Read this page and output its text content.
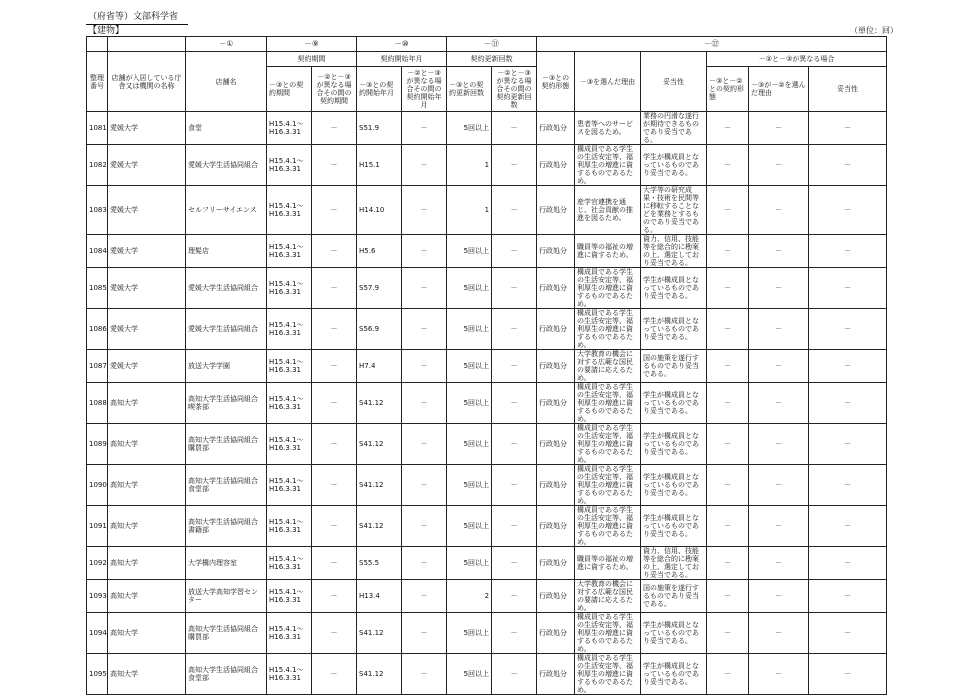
（府省等）文部科学省
【建物】	（単位：回）
		－①	－⑨		－⑩		－⑪		－⑫					
整理番号	店舗が入居している庁舎又は機関の名称	店舗名	契約期間		契約開始年月		契約更新回数		－③との契約形態	－③を選んだ理由	妥当性	－②と－③が異なる場合		
			－③との契約期間	－②と－③が異なる場合その間の契約期間	－③との契約開始年月	－②と－③が異なる場合その間の契約開始年月	－③との契約更新回数	－②と－③が異なる場合その間の契約更新回数				－③と－②との契約形態	－③が－②を選んだ理由	妥当性
1081	愛媛大学	食堂	H15.4.1～
H16.3.31	－	S51.9	－	5回以上	－	行政処分	患者等へのサービスを図るため。	業務の円滑な遂行が期待できるものであり妥当である。	－	－	－
1082	愛媛大学	愛媛大学生活協同組合	H15.4.1～
H16.3.31	－	H15.1	－	1	－	行政処分	構成員である学生の生活安定等、福利厚生の増進に資するものであるため。	学生が構成員となっているものであり妥当である。	－	－	－
1083	愛媛大学	セルフリーサイエンス	H15.4.1～
H16.3.31	－	H14.10	－	1	－	行政処分	産学官連携を通じ、社会貢献の推進を図るため。	大学等の研究成果・技術を民間等に移転することなどを業務とするものであり妥当である。	－	－	－
1084	愛媛大学	理髪店	H15.4.1～
H16.3.31	－	H5.6	－	5回以上	－	行政処分	職員等の福祉の増進に資するため。	資力、信用、技能等を総合的に勘案の上、選定しており妥当である。	－	－	－
1085	愛媛大学	愛媛大学生活協同組合	H15.4.1～
H16.3.31	－	S57.9	－	5回以上	－	行政処分	構成員である学生の生活安定等、福利厚生の増進に資するものであるため。	学生が構成員となっているものであり妥当である。	－	－	－
1086	愛媛大学	愛媛大学生活協同組合	H15.4.1～
H16.3.31	－	S56.9	－	5回以上	－	行政処分	構成員である学生の生活安定等、福利厚生の増進に資するものであるため。	学生が構成員となっているものであり妥当である。	－	－	－
1087	愛媛大学	放送大学学園	H15.4.1～
H16.3.31	－	H7.4	－	5回以上	－	行政処分	大学教育の機会に対する広範な国民の要請に応えるため。	国の施策を遂行するものであり妥当である。	－	－	－
1088	高知大学	高知大学生活協同組合喫茶部	H15.4.1～
H16.3.31	－	S41.12	－	5回以上	－	行政処分	構成員である学生の生活安定等、福利厚生の増進に資するものであるため。	学生が構成員となっているものであり妥当である。	－	－	－
1089	高知大学	高知大学生活協同組合購買部	H15.4.1～
H16.3.31	－	S41.12	－	5回以上	－	行政処分	構成員である学生の生活安定等、福利厚生の増進に資するものであるため。	学生が構成員となっているものであり妥当である。	－	－	－
1090	高知大学	高知大学生活協同組合食堂部	H15.4.1～
H16.3.31	－	S41.12	－	5回以上	－	行政処分	構成員である学生の生活安定等、福利厚生の増進に資するものであるため。	学生が構成員となっているものであり妥当である。	－	－	－
1091	高知大学	高知大学生活協同組合書籍部	H15.4.1～
H16.3.31	－	S41.12	－	5回以上	－	行政処分	構成員である学生の生活安定等、福利厚生の増進に資するものであるため。	学生が構成員となっているものであり妥当である。	－	－	－
1092	高知大学	大学構内理容室	H15.4.1～
H16.3.31	－	S55.5	－	5回以上	－	行政処分	職員等の福祉の増進に資するため。	資力、信用、技能等を総合的に勘案の上、選定しており妥当である。	－	－	－
1093	高知大学	放送大学高知学習センター	H15.4.1～
H16.3.31	－	H13.4	－	2	－	行政処分	大学教育の機会に対する広範な国民の要請に応えるため。	国の施策を遂行するものであり妥当である。	－	－	－
1094	高知大学	高知大学生活協同組合購買部	H15.4.1～
H16.3.31	－	S41.12	－	5回以上	－	行政処分	構成員である学生の生活安定等、福利厚生の増進に資するものであるため。	学生が構成員となっているものであり妥当である。	－	－	－
1095	高知大学	高知大学生活協同組合食堂部	H15.4.1～
H16.3.31	－	S41.12	－	5回以上	－	行政処分	構成員である学生の生活安定等、福利厚生の増進に資するものであるため。	学生が構成員となっているものであり妥当である。	－	－	－
